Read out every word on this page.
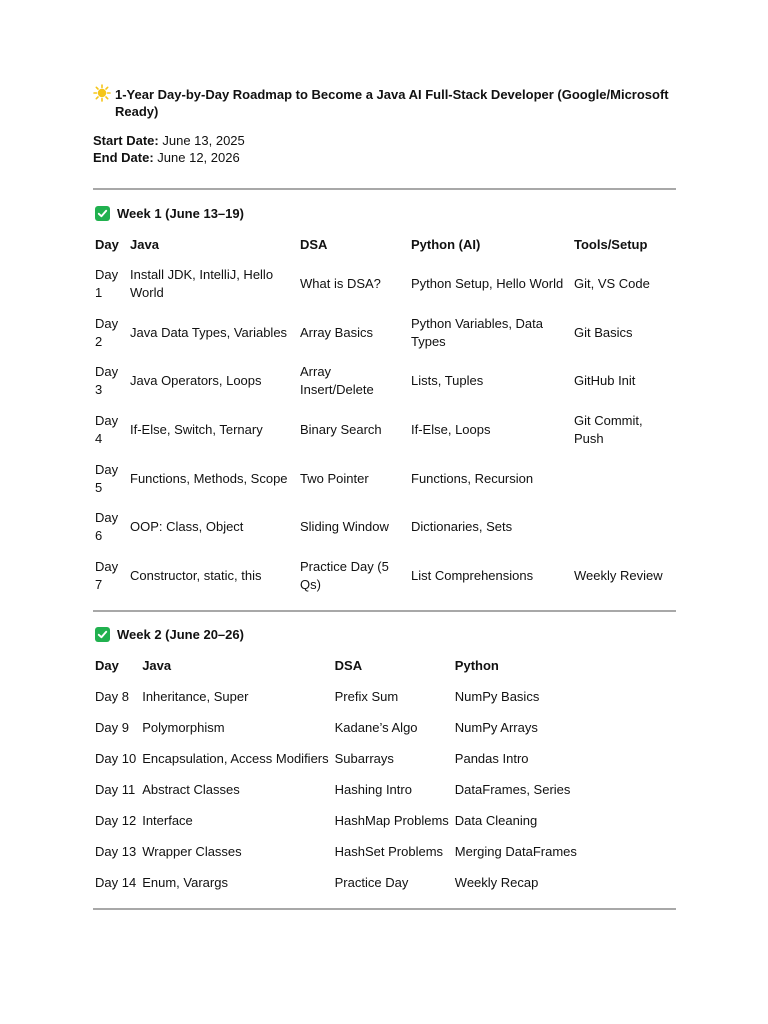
1-Year Day-by-Day Roadmap to Become a Java AI Full-Stack Developer (Google/Microsoft Ready)
Start Date: June 13, 2025
End Date: June 12, 2026
Week 1 (June 13–19)
Day	Java	DSA	Python (AI)	Tools/Setup
Day 1	Install JDK, IntelliJ, Hello World	What is DSA?	Python Setup, Hello World	Git, VS Code
Day 2	Java Data Types, Variables	Array Basics	Python Variables, Data Types	Git Basics
Day 3	Java Operators, Loops	Array Insert/Delete	Lists, Tuples	GitHub Init
Day 4	If-Else, Switch, Ternary	Binary Search	If-Else, Loops	Git Commit, Push
Day 5	Functions, Methods, Scope	Two Pointer	Functions, Recursion	
Day 6	OOP: Class, Object	Sliding Window	Dictionaries, Sets	
Day 7	Constructor, static, this	Practice Day (5 Qs)	List Comprehensions	Weekly Review
Week 2 (June 20–26)
Day	Java	DSA	Python
Day 8	Inheritance, Super	Prefix Sum	NumPy Basics
Day 9	Polymorphism	Kadane’s Algo	NumPy Arrays
Day 10	Encapsulation, Access Modifiers	Subarrays	Pandas Intro
Day 11	Abstract Classes	Hashing Intro	DataFrames, Series
Day 12	Interface	HashMap Problems	Data Cleaning
Day 13	Wrapper Classes	HashSet Problems	Merging DataFrames
Day 14	Enum, Varargs	Practice Day	Weekly Recap
